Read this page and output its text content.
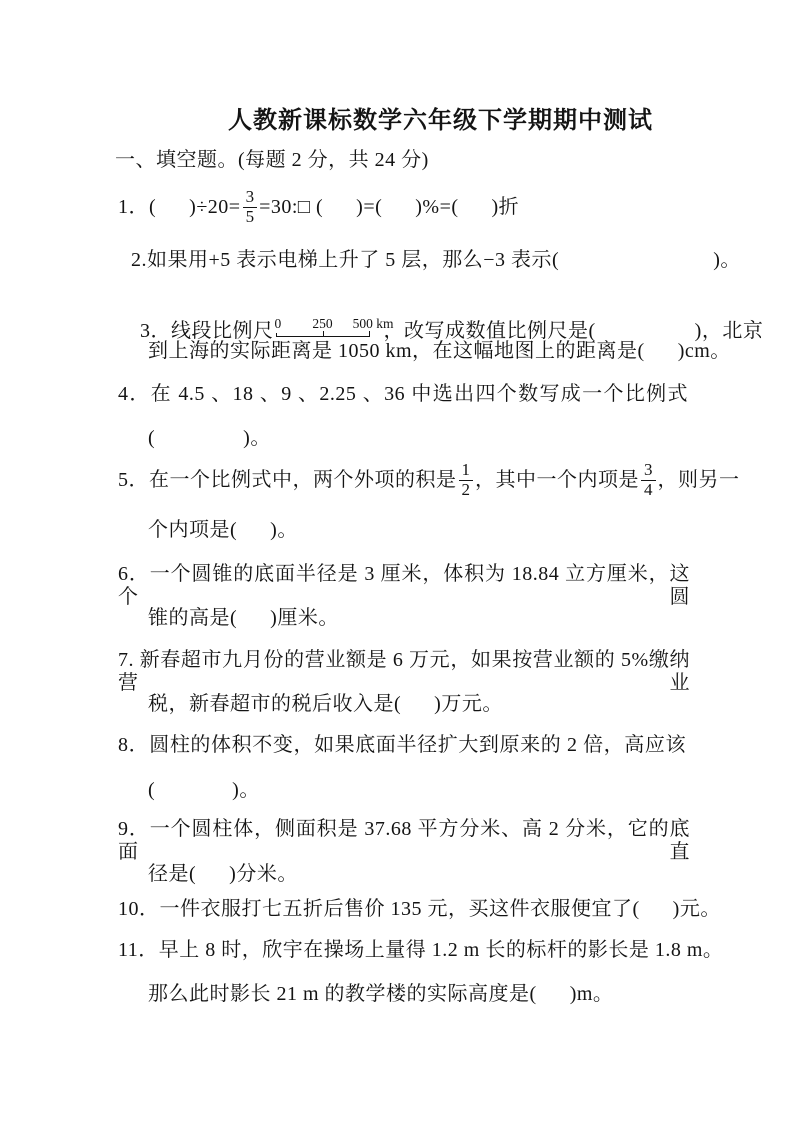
人教新课标数学六年级下学期期中测试
一、填空题。(每题 2 分，共 24 分)
1．(      )$\div 20= \frac{3}{5}$ =30:□ (      )=(      )%=(      )折
2.如果用+5 表示电梯上升了 5 层，那么−3 表示(                            )。

3．线段比例尺 0 250 500 km
，改写成数值比例尺是(                  )，北京

到上海的实际距离是 1050 km，在这幅地图上的距离是(      )cm。
4．在 4.5 、18 、9 、2.25 、36 中选出四个数写成一个比例式
(                )。
5．在一个比例式中，两个外项的积是 $\frac{1}{2}$ ，其中一个内项是 $\frac{3}{4}$ ，则另一
个内项是(      )。
6．一个圆锥的底面半径是 3 厘米，体积为 18.84 立方厘米，这个圆
锥的高是(      )厘米。
7. 新春超市九月份的营业额是 6 万元，如果按营业额的 5%缴纳营业
税，新春超市的税后收入是(      )万元。
8．圆柱的体积不变，如果底面半径扩大到原来的 2 倍，高应该
(              )。
9．一个圆柱体，侧面积是 37.68 平方分米、高 2 分米，它的底面直
径是(      )分米。
10．一件衣服打七五折后售价 135 元，买这件衣服便宜了(      )元。
11．早上 8 时，欣宇在操场上量得 1.2 m 长的标杆的影长是 1.8 m。
那么此时影长 21 m 的教学楼的实际高度是(      )m。
